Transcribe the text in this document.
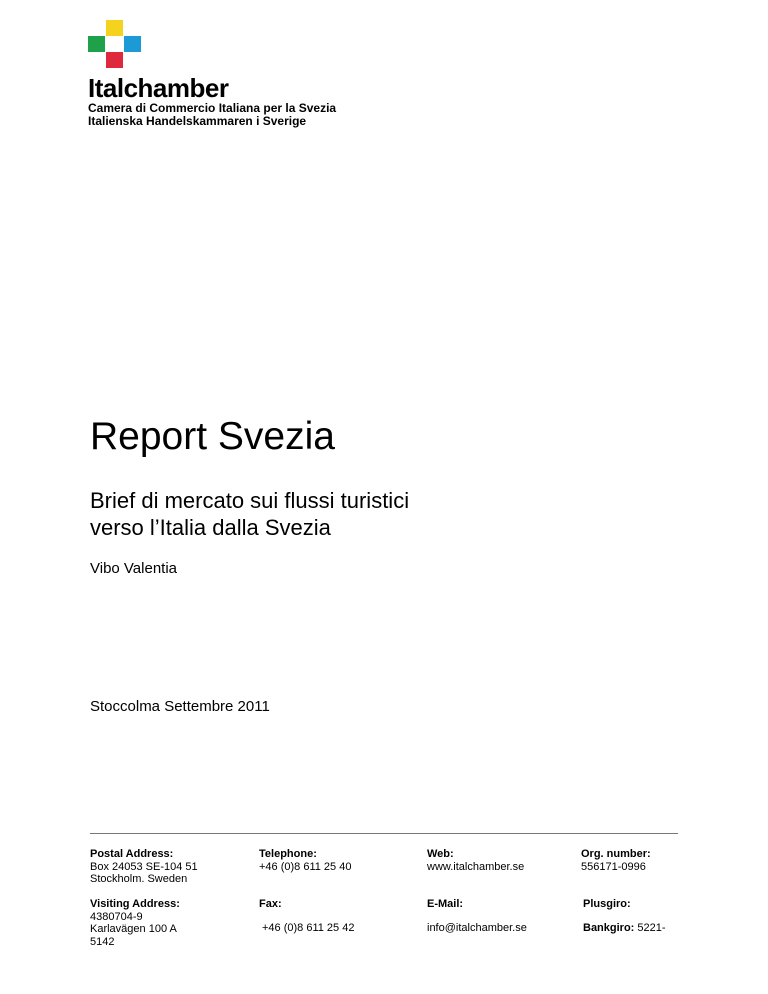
Italchamber
Camera di Commercio Italiana per la Svezia
Italienska Handelskammaren i Sverige
Report Svezia
Brief di mercato sui flussi turistici
verso l’Italia dalla Svezia
Vibo Valentia
Stoccolma Settembre 2011
Postal Address:
Box 24053 SE-104 51
Stockholm. Sweden
Telephone:
+46 (0)8 611 25 40
Web:
www.italchamber.se
Org. number:
556171-0996
Visiting Address:
4380704-9
Karlavägen 100 A
5142
Fax:
+46 (0)8 611 25 42
E-Mail:
info@italchamber.se
Plusgiro:
Bankgiro: 5221-
